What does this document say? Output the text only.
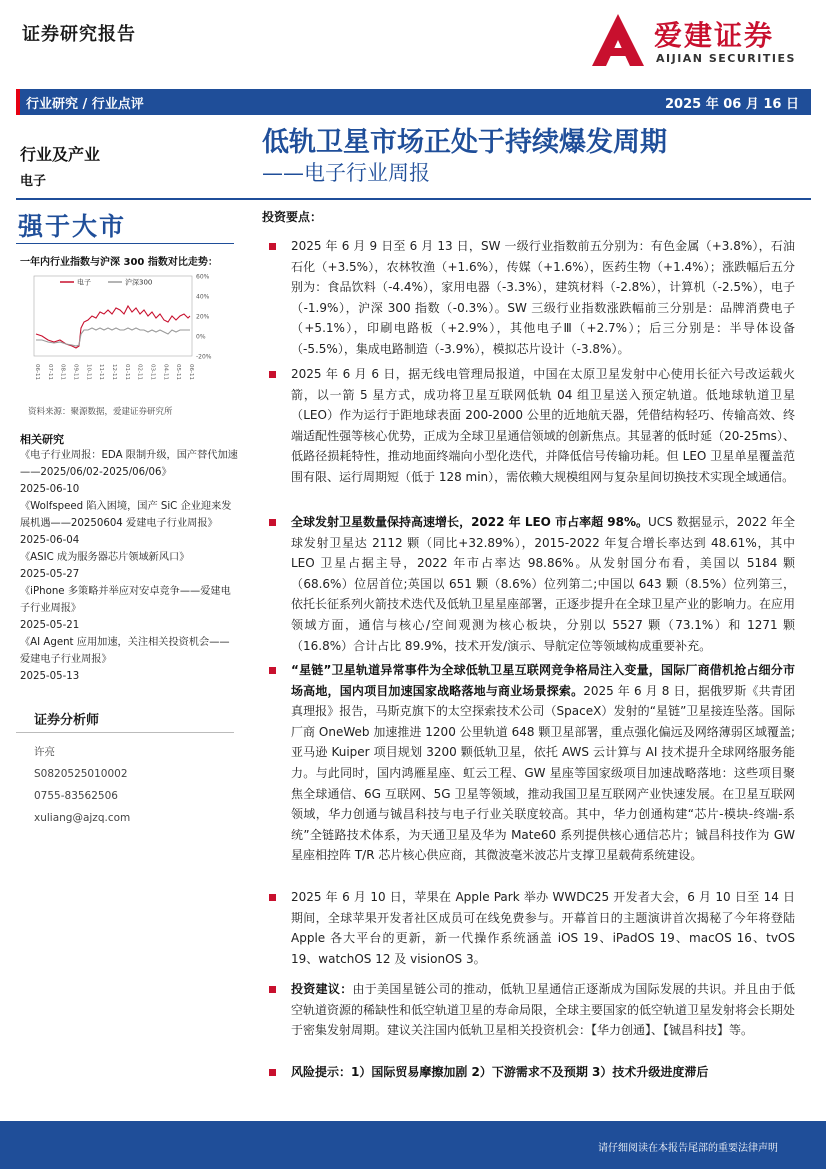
证券研究报告	爱建证券
AIJIAN SECURITIES
行业研究 / 行业点评	2025 年 06 月 16 日
行业及产业
电子
低轨卫星市场正处于持续爆发周期
——电子行业周报
强于大市
一年内行业指数与沪深 300 指数对比走势：
电子	沪深300
60%
40%
20%
0%
-20%
06-11 07-11 08-11 09-11 10-11 11-11 12-11 01-11 02-11 03-11 04-11 05-11 06-11
资料来源：聚源数据，爱建证券研究所
相关研究
《电子行业周报：EDA 限制升级，国产替代加速——2025/06/02-2025/06/06》
2025-06-10
《Wolfspeed 陷入困境，国产 SiC 企业迎来发展机遇——20250604 爱建电子行业周报》
2025-06-04
《ASIC 成为服务器芯片领域新风口》
2025-05-27
《iPhone 多策略并举应对安卓竞争——爱建电子行业周报》
2025-05-21
《AI Agent 应用加速，关注相关投资机会——爱建电子行业周报》
2025-05-13
证券分析师
许亮
S0820525010002
0755-83562506
xuliang@ajzq.com
投资要点：
2025 年 6 月 9 日至 6 月 13 日，SW 一级行业指数前五分别为：有色金属（+3.8%），石油石化（+3.5%），农林牧渔（+1.6%），传媒（+1.6%），医药生物（+1.4%）；涨跌幅后五分别为：食品饮料（-4.4%），家用电器（-3.3%），建筑材料（-2.8%），计算机（-2.5%），电子（-1.9%），沪深 300 指数（-0.3%）。SW 三级行业指数涨跌幅前三分别是：品牌消费电子（+5.1%），印刷电路板（+2.9%），其他电子Ⅲ（+2.7%）；后三分别是：半导体设备（-5.5%），集成电路制造（-3.9%），模拟芯片设计（-3.8%）。
2025 年 6 月 6 日，据无线电管理局报道，中国在太原卫星发射中心使用长征六号改运载火箭，以一箭 5 星方式，成功将卫星互联网低轨 04 组卫星送入预定轨道。低地球轨道卫星（LEO）作为运行于距地球表面 200-2000 公里的近地航天器，凭借结构轻巧、传输高效、终端适配性强等核心优势，正成为全球卫星通信领域的创新焦点。其显著的低时延（20-25ms）、低路径损耗特性，推动地面终端向小型化迭代，并降低信号传输功耗。但 LEO 卫星单星覆盖范围有限、运行周期短（低于 128 min），需依赖大规模组网与复杂星间切换技术实现全域通信。
全球发射卫星数量保持高速增长，2022 年 LEO 市占率超 98%。UCS 数据显示，2022 年全球发射卫星达 2112 颗（同比+32.89%），2015-2022 年复合增长率达到 48.61%，其中 LEO 卫星占据主导，2022 年市占率达 98.86%。从发射国分布看，美国以 5184 颗（68.6%）位居首位;英国以 651 颗（8.6%）位列第二;中国以 643 颗（8.5%）位列第三，依托长征系列火箭技术迭代及低轨卫星星座部署，正逐步提升在全球卫星产业的影响力。在应用领域方面，通信与核心/空间观测为核心板块，分别以 5527 颗（73.1%）和 1271 颗（16.8%）合计占比 89.9%，技术开发/演示、导航定位等领域构成重要补充。
“星链”卫星轨道异常事件为全球低轨卫星互联网竞争格局注入变量，国际厂商借机抢占细分市场高地，国内项目加速国家战略落地与商业场景探索。2025 年 6 月 8 日，据俄罗斯《共青团真理报》报告，马斯克旗下的太空探索技术公司（SpaceX）发射的“星链”卫星接连坠落。国际厂商 OneWeb 加速推进 1200 公里轨道 648 颗卫星部署，重点强化偏远及网络薄弱区域覆盖;亚马逊 Kuiper 项目规划 3200 颗低轨卫星，依托 AWS 云计算与 AI 技术提升全球网络服务能力。与此同时，国内鸿雁星座、虹云工程、GW 星座等国家级项目加速战略落地：这些项目聚焦全球通信、6G 互联网、5G 卫星等领域，推动我国卫星互联网产业快速发展。在卫星互联网领域，华力创通与铖昌科技与电子行业关联度较高。其中，华力创通构建“芯片-模块-终端-系统”全链路技术体系，为天通卫星及华为 Mate60 系列提供核心通信芯片；铖昌科技作为 GW 星座相控阵 T/R 芯片核心供应商，其微波毫米波芯片支撑卫星载荷系统建设。
2025 年 6 月 10 日，苹果在 Apple Park 举办 WWDC25 开发者大会，6 月 10 日至 14 日期间，全球苹果开发者社区成员可在线免费参与。开幕首日的主题演讲首次揭秘了今年将登陆 Apple 各大平台的更新，新一代操作系统涵盖 iOS 19、iPadOS 19、macOS 16、tvOS 19、watchOS 12 及 visionOS 3。
投资建议：由于美国星链公司的推动，低轨卫星通信正逐渐成为国际发展的共识。并且由于低空轨道资源的稀缺性和低空轨道卫星的寿命局限，全球主要国家的低空轨道卫星发射将会长期处于密集发射周期。建议关注国内低轨卫星相关投资机会：【华力创通】、【铖昌科技】等。
风险提示：1）国际贸易摩擦加剧 2）下游需求不及预期 3）技术升级进度滞后
请仔细阅读在本报告尾部的重要法律声明
